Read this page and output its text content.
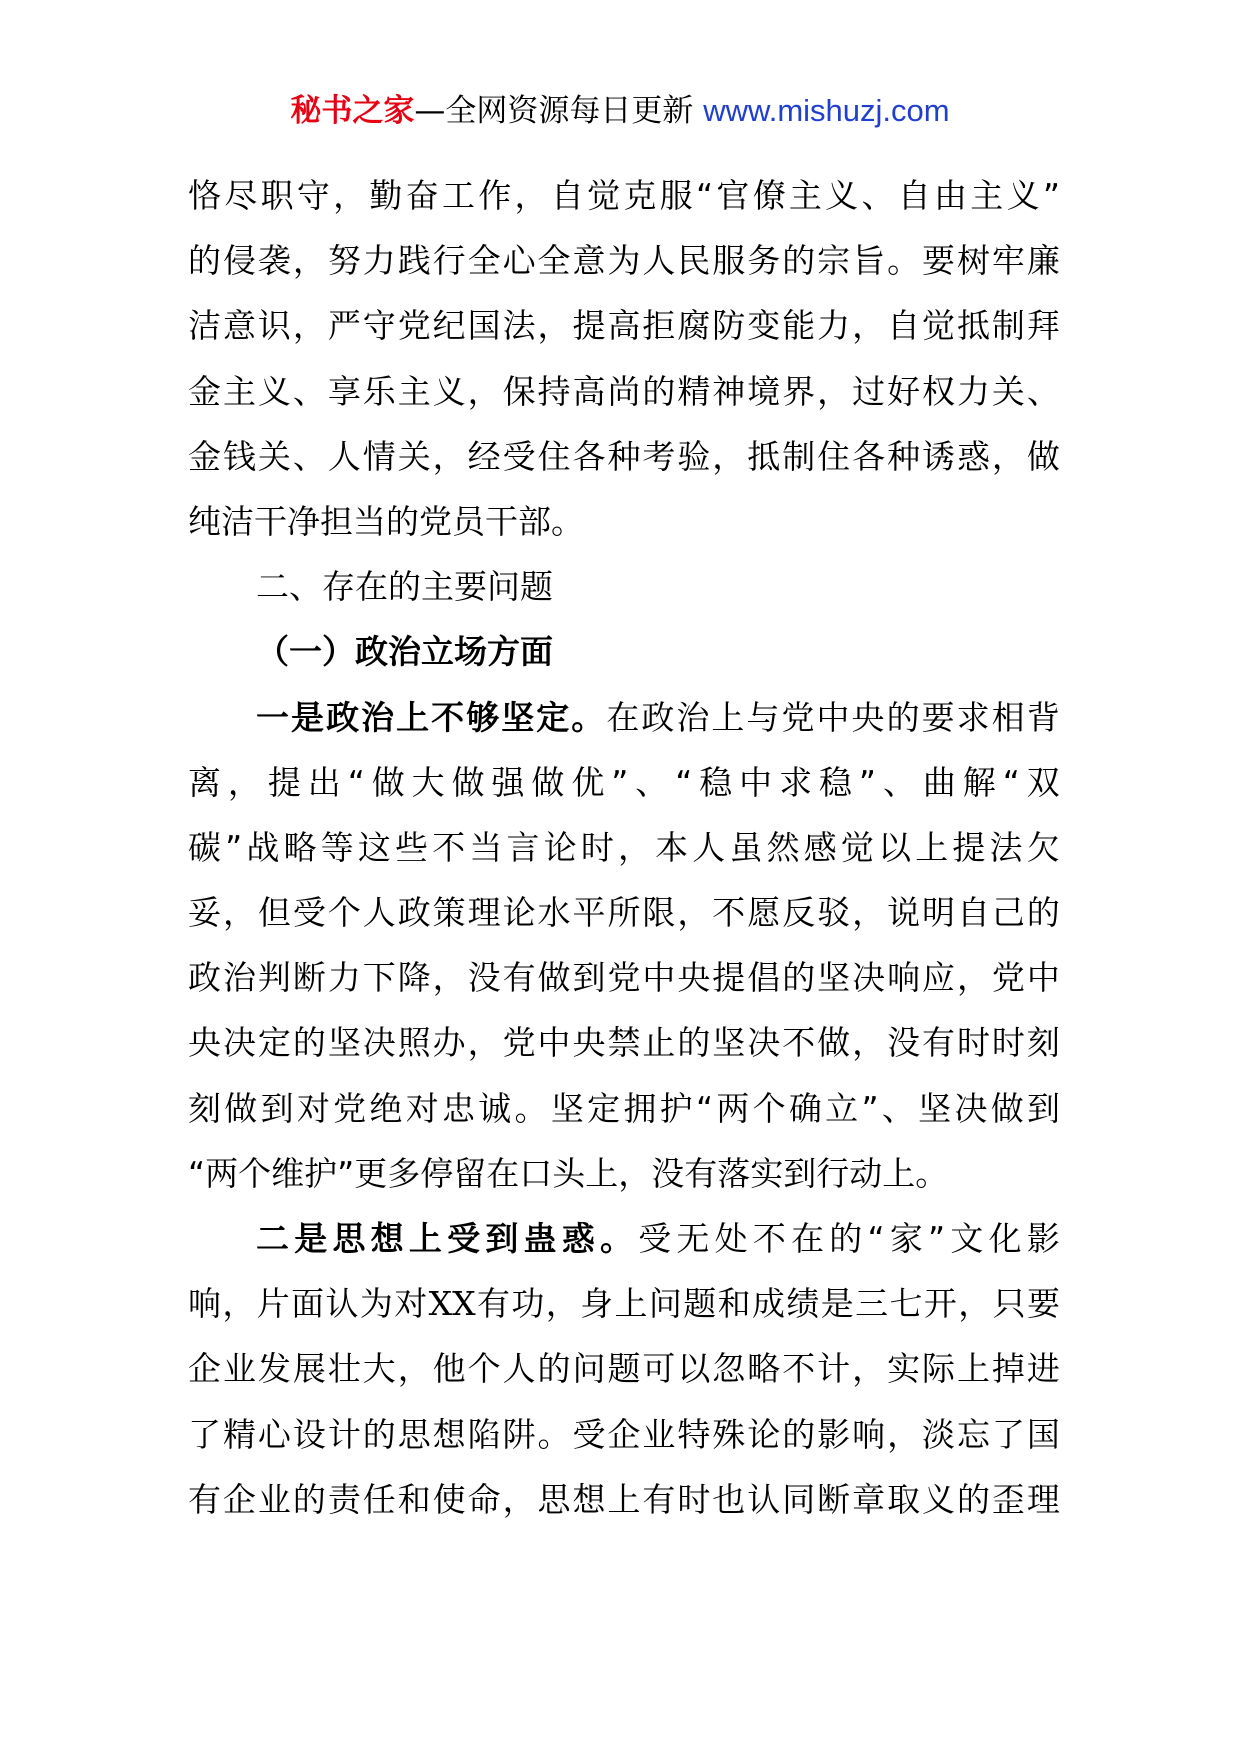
秘书之家—全网资源每日更新 www.mishuzj.com
恪 尽 职 守 ， 勤 奋 工 作 ， 自 觉 克 服 “ 官 僚 主 义 、 自 由 主 义 ”
的 侵 袭 ， 努 力 践 行 全 心 全 意 为 人 民 服 务 的 宗 旨 。 要 树 牢 廉
洁 意 识 ， 严 守 党 纪 国 法 ， 提 高 拒 腐 防 变 能 力 ， 自 觉 抵 制 拜
金 主 义 、 享 乐 主 义 ， 保 持 高 尚 的 精 神 境 界 ， 过 好 权 力 关 、
金 钱 关 、 人 情 关 ， 经 受 住 各 种 考 验 ， 抵 制 住 各 种 诱 惑 ， 做
纯洁干净担当的党员干部。
二、存在的主要问题
（一）政治立场方面
一 是 政 治 上 不 够 坚 定 。 在 政 治 上 与 党 中 央 的 要 求 相 背
离 ， 提 出 “ 做 大 做 强 做 优 ” 、 “ 稳 中 求 稳 ” 、 曲 解 “ 双
碳 ” 战 略 等 这 些 不 当 言 论 时 ， 本 人 虽 然 感 觉 以 上 提 法 欠
妥 ， 但 受 个 人 政 策 理 论 水 平 所 限 ， 不 愿 反 驳 ， 说 明 自 己 的
政 治 判 断 力 下 降 ， 没 有 做 到 党 中 央 提 倡 的 坚 决 响 应 ， 党 中
央 决 定 的 坚 决 照 办 ， 党 中 央 禁 止 的 坚 决 不 做 ， 没 有 时 时 刻
刻 做 到 对 党 绝 对 忠 诚 。 坚 定 拥 护 “ 两 个 确 立 ” 、 坚 决 做 到
“两个维护”更多停留在口头上，没有落实到行动上。
二 是 思 想 上 受 到 蛊 惑 。 受 无 处 不 在 的 “ 家 ” 文 化 影
响 ， 片 面 认 为 对 XX 有 功 ， 身 上 问 题 和 成 绩 是 三 七 开 ， 只 要
企 业 发 展 壮 大 ， 他 个 人 的 问 题 可 以 忽 略 不 计 ， 实 际 上 掉 进
了 精 心 设 计 的 思 想 陷 阱 。 受 企 业 特 殊 论 的 影 响 ， 淡 忘 了 国
有 企 业 的 责 任 和 使 命 ， 思 想 上 有 时 也 认 同 断 章 取 义 的 歪 理
